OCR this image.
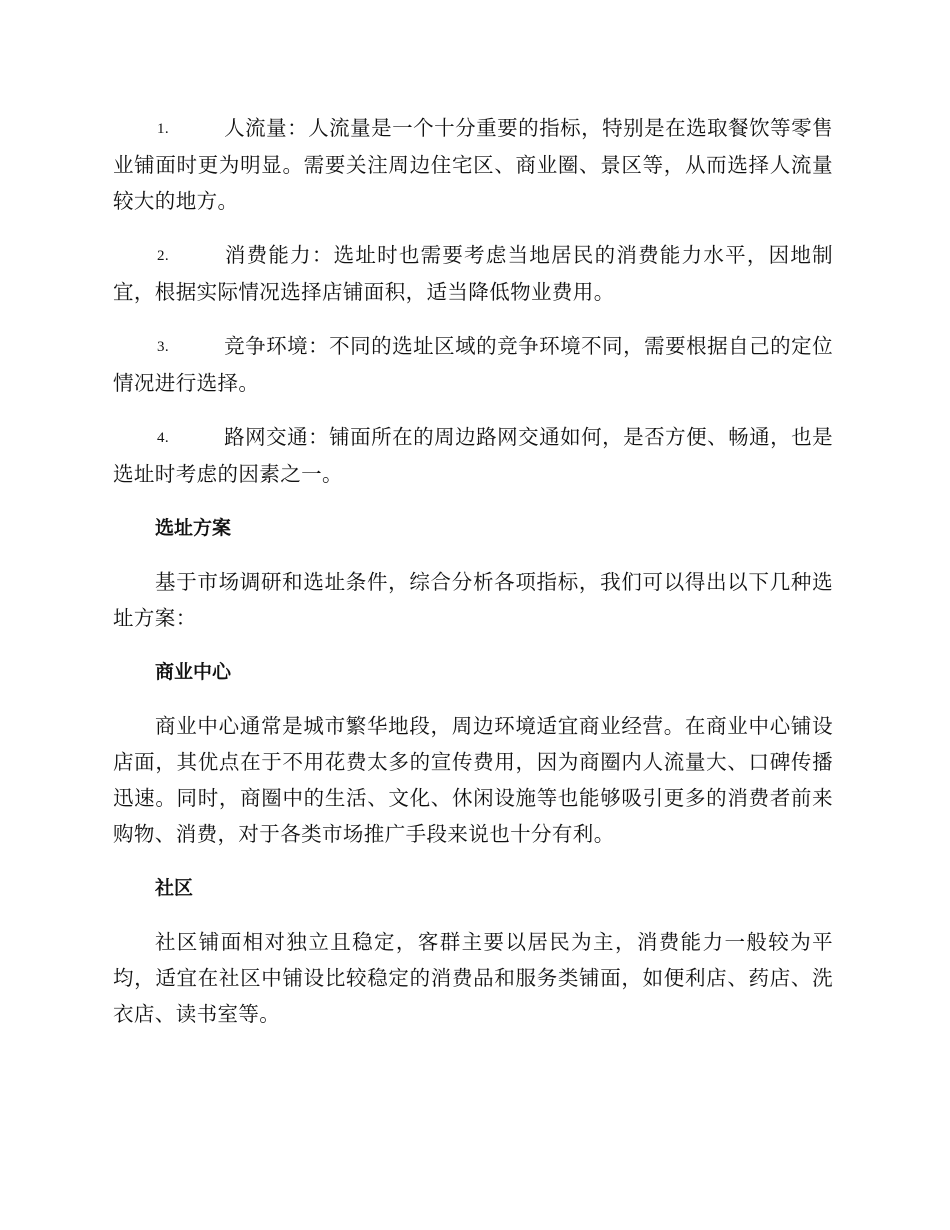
1.	人流量：人流量是一个十分重要的指标，特别是在选取餐饮等零售业铺面时更为明显。需要关注周边住宅区、商业圈、景区等，从而选择人流量较大的地方。

2.	消费能力：选址时也需要考虑当地居民的消费能力水平，因地制宜，根据实际情况选择店铺面积，适当降低物业费用。

3.	竞争环境：不同的选址区域的竞争环境不同，需要根据自己的定位情况进行选择。

4.	路网交通：铺面所在的周边路网交通如何，是否方便、畅通，也是选址时考虑的因素之一。

选址方案

基于市场调研和选址条件，综合分析各项指标，我们可以得出以下几种选址方案：

商业中心

商业中心通常是城市繁华地段，周边环境适宜商业经营。在商业中心铺设店面，其优点在于不用花费太多的宣传费用，因为商圈内人流量大、口碑传播迅速。同时，商圈中的生活、文化、休闲设施等也能够吸引更多的消费者前来购物、消费，对于各类市场推广手段来说也十分有利。

社区

社区铺面相对独立且稳定，客群主要以居民为主，消费能力一般较为平均，适宜在社区中铺设比较稳定的消费品和服务类铺面，如便利店、药店、洗衣店、读书室等。
